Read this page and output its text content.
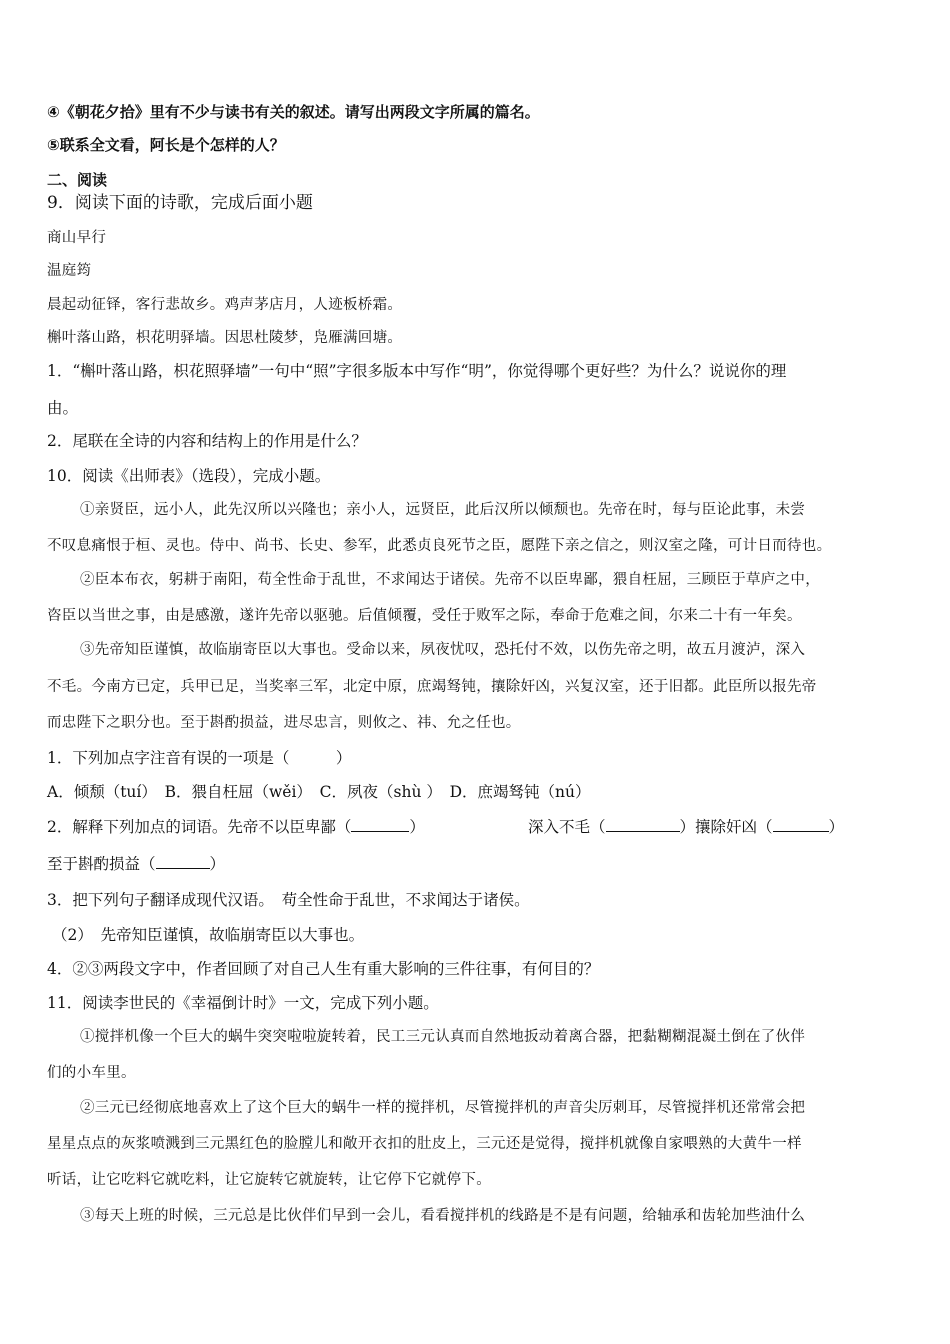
④《朝花夕拾》里有不少与读书有关的叙述。请写出两段文字所属的篇名。
⑤联系全文看，阿长是个怎样的人？
二、阅读
9．阅读下面的诗歌，完成后面小题
商山早行
温庭筠
晨起动征铎，客行悲故乡。鸡声茅店月，人迹板桥霜。
槲叶落山路，枳花明驿墙。因思杜陵梦，凫雁满回塘。
1．“槲叶落山路，枳花照驿墙”一句中“照”字很多版本中写作“明”，你觉得哪个更好些？为什么？说说你的理
由。
2．尾联在全诗的内容和结构上的作用是什么？
10．阅读《出师表》（选段），完成小题。
①亲贤臣，远小人，此先汉所以兴隆也；亲小人，远贤臣，此后汉所以倾颓也。先帝在时，每与臣论此事，未尝
不叹息痛恨于桓、灵也。侍中、尚书、长史、参军，此悉贞良死节之臣，愿陛下亲之信之，则汉室之隆，可计日而待也。
②臣本布衣，躬耕于南阳，苟全性命于乱世，不求闻达于诸侯。先帝不以臣卑鄙，猥自枉屈，三顾臣于草庐之中，
咨臣以当世之事，由是感激，遂许先帝以驱驰。后值倾覆，受任于败军之际，奉命于危难之间，尔来二十有一年矣。
③先帝知臣谨慎，故临崩寄臣以大事也。受命以来，夙夜忧叹，恐托付不效，以伤先帝之明，故五月渡泸，深入
不毛。今南方已定，兵甲已足，当奖率三军，北定中原，庶竭驽钝，攘除奸凶，兴复汉室，还于旧都。此臣所以报先帝
而忠陛下之职分也。至于斟酌损益，进尽忠言，则攸之、祎、允之任也。
1．下列加点字注音有误的一项是（　　　）
A．倾颓（tuí）　B．猥自枉屈（wěi）　C．夙夜（shù ）　D．庶竭驽钝（nú）
2．解释下列加点的词语。先帝不以臣卑鄙（	）	深入不毛（	）攘除奸凶（	）
至于斟酌损益（	）
3．把下列句子翻译成现代汉语。　苟全性命于乱世，不求闻达于诸侯。
（2）　先帝知臣谨慎，故临崩寄臣以大事也。
4．②③两段文字中，作者回顾了对自己人生有重大影响的三件往事，有何目的？
11．阅读李世民的《幸福倒计时》一文，完成下列小题。
①搅拌机像一个巨大的蜗牛突突啦啦旋转着，民工三元认真而自然地扳动着离合器，把黏糊糊混凝土倒在了伙伴
们的小车里。
②三元已经彻底地喜欢上了这个巨大的蜗牛一样的搅拌机，尽管搅拌机的声音尖厉刺耳，尽管搅拌机还常常会把
星星点点的灰浆喷溅到三元黑红色的脸膛儿和敞开衣扣的肚皮上，三元还是觉得，搅拌机就像自家喂熟的大黄牛一样
听话，让它吃料它就吃料，让它旋转它就旋转，让它停下它就停下。
③每天上班的时候，三元总是比伙伴们早到一会儿，看看搅拌机的线路是不是有问题，给轴承和齿轮加些油什么
